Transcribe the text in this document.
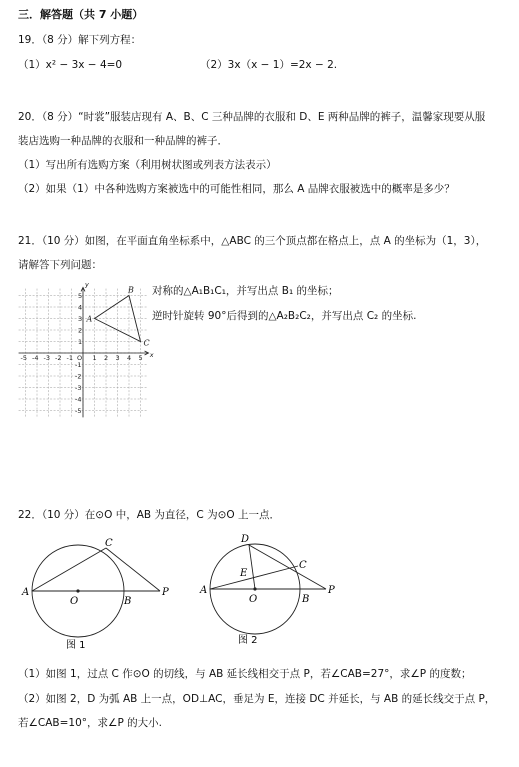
三．解答题（共 7 小题）
19．（8 分）解下列方程：
（1）x² − 3x − 4=0	（2）3x（x − 1）=2x − 2.
20．（8 分）“时裳”服装店现有 A、B、C 三种品牌的衣服和 D、E 两种品牌的裤子，温馨家现要从服
装店选购一种品牌的衣服和一种品牌的裤子．
（1）写出所有选购方案（利用树状图或列表方法表示）
（2）如果（1）中各种选购方案被选中的可能性相同，那么 A 品牌衣服被选中的概率是多少？
21．（10 分）如图，在平面直角坐标系中，△ABC 的三个顶点都在格点上，点 A 的坐标为（1，3），
请解答下列问题：
对称的△A₁B₁C₁，并写出点 B₁ 的坐标；
逆时针旋转 90°后得到的△A₂B₂C₂，并写出点 C₂ 的坐标.
-5 -4 -3 -2 -1 O 1 2 3 4 5
5
4
3
2
1
-1
-2
-3
-4
-5
x
y
A
B
C
22．（10 分）在⊙O 中，AB 为直径，C 为⊙O 上一点．
A
O	B
C
P
图 1
A
O	B
C
P
D
E
图 2
（1）如图 1，过点 C 作⊙O 的切线，与 AB 延长线相交于点 P，若∠CAB=27°，求∠P 的度数；
（2）如图 2，D 为弧 AB 上一点，OD⊥AC，垂足为 E，连接 DC 并延长，与 AB 的延长线交于点 P，
若∠CAB=10°，求∠P 的大小.
